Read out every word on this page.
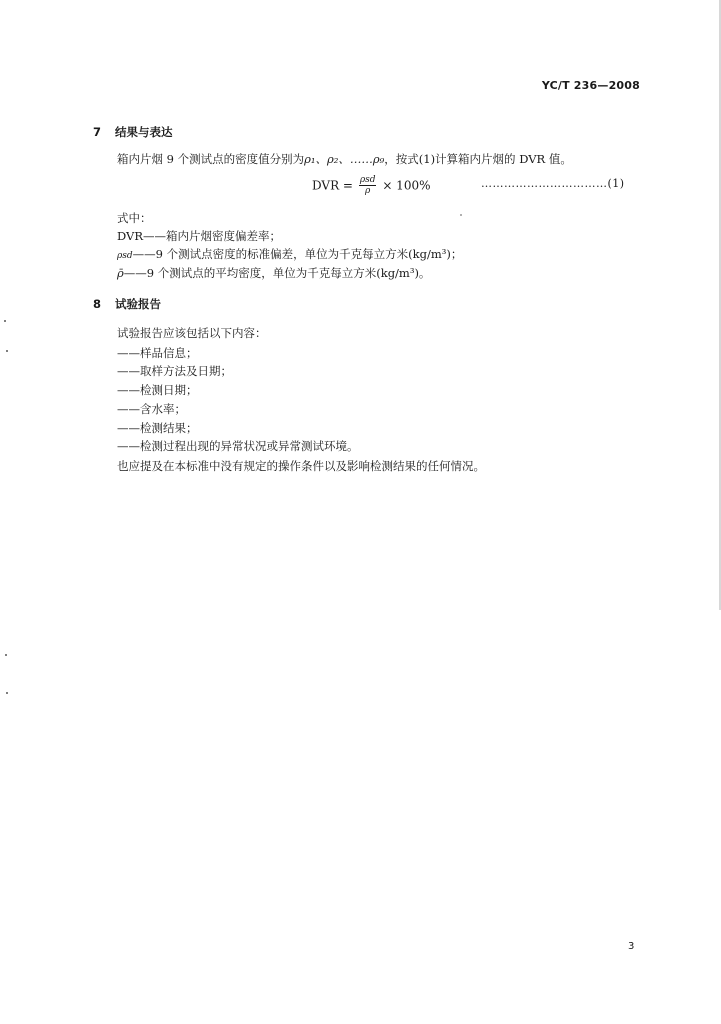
YC/T 236—2008
7 结果与表达
箱内片烟 9 个测试点的密度值分别为ρ₁、ρ₂、……ρ₉，按式(1)计算箱内片烟的 DVR 值。
DVR = $\frac{\text{ρsd}}{\rho} \times 100\%$	……………………………(1)
式中：
DVR——箱内片烟密度偏差率；
ρsd——9 个测试点密度的标准偏差，单位为千克每立方米(kg/m³)；
ρ̄——9 个测试点的平均密度，单位为千克每立方米(kg/m³)。
8 试验报告
试验报告应该包括以下内容：
——样品信息；
——取样方法及日期；
——检测日期；
——含水率；
——检测结果；
——检测过程出现的异常状况或异常测试环境。
也应提及在本标准中没有规定的操作条件以及影响检测结果的任何情况。
3
